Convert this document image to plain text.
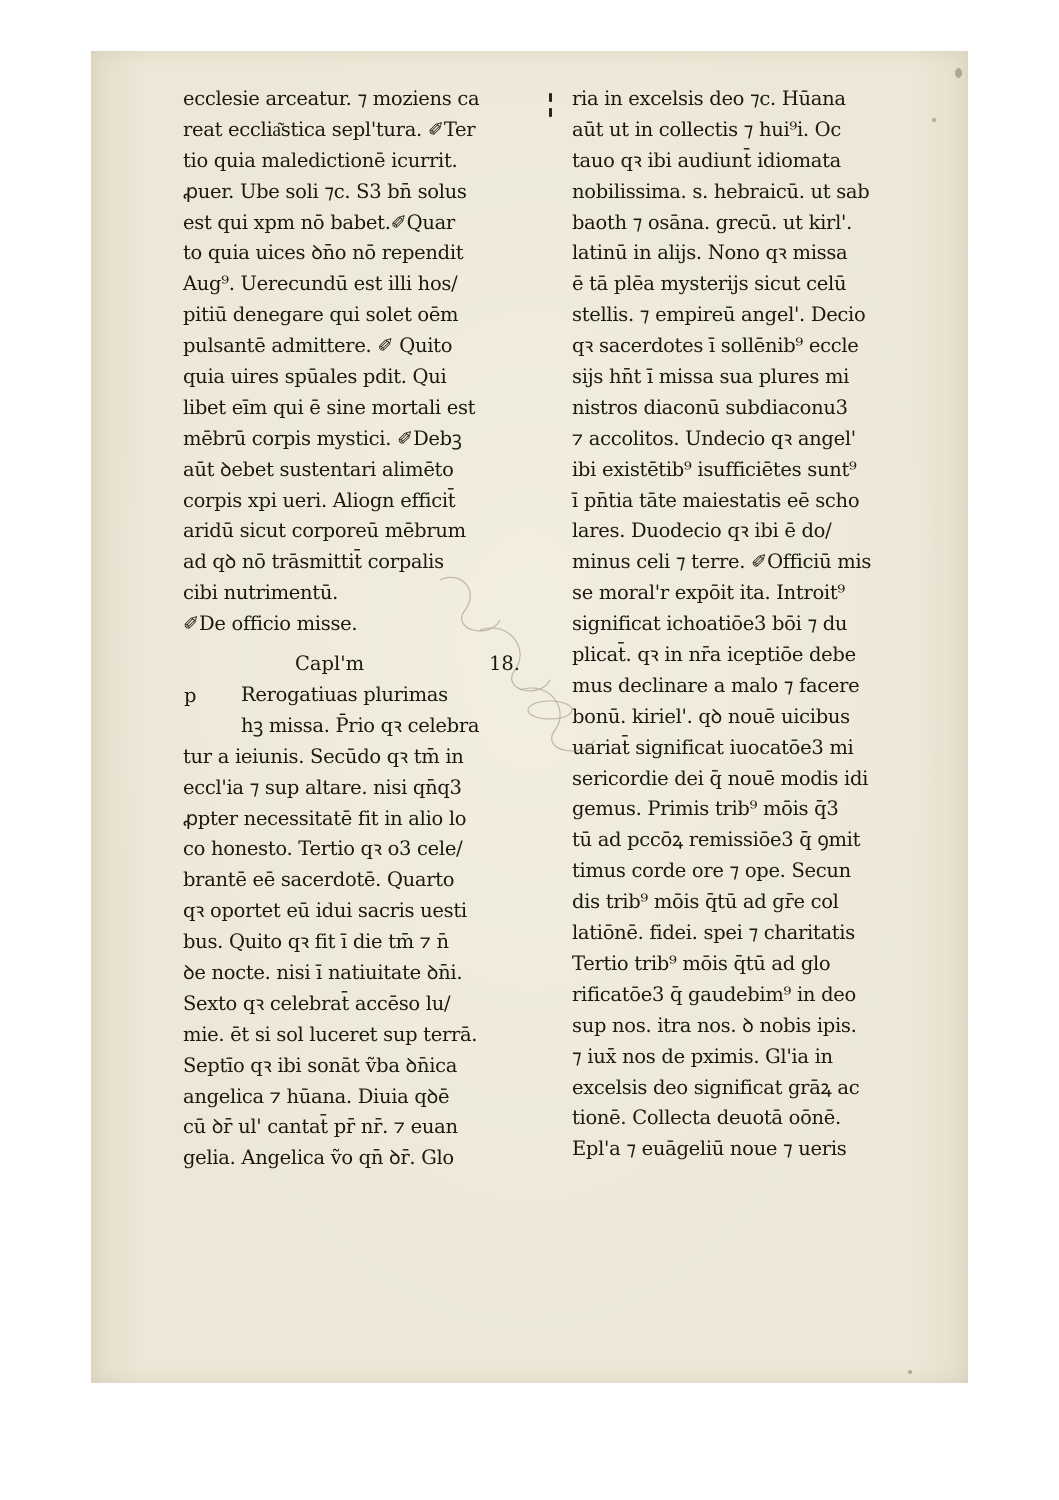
ecclesie arceatur. ⁊ moziens ca
reat ecclia͂stica sepl'tura. ✐Ter
tio quia maledictionē icurrit.
ꝓuer. Ube soli ⁊c. S3 bn̄ solus
est qui xpm nō babet.✐Quar
to quia uices ꝺn̄o nō rependit
Aug⁹. Uerecundū est illi hos/
pitiū denegare qui solet oēm
pulsantē admittere. ✐ Quito
quia uires spūales pdit. Qui
libet eīm qui ē sine mortali est
mēbrū corpis mystici. ✐Debꝫ
aūt ꝺebet sustentari alimēto
corpis xpi ueri. Aliogn efficit̄
aridū sicut corporeū mēbrum
ad qꝺ nō trāsmittit̄ corpalis
cibi nutrimentū.
✐De officio misse.
Capl'm	18.
p	Rerogatiuas plurimas
hꝫ missa. P̄rio qꝛ celebra
tur a ieiunis. Secūdo qꝛ tm̄ in
eccl'ia ⁊ sup altare. nisi qn̄q3
ꝓpter necessitatē fit in alio lo
co honesto. Tertio qꝛ o3 cele/
brantē eē sacerdotē. Quarto
qꝛ oportet eū idui sacris uesti
bus. Quito qꝛ fit ī die tm̄ ⁊ n̄
ꝺe nocte. nisi ī natiuitate ꝺn̄i.
Sexto qꝛ celebrat̄ accēso lu/
mie. ēt si sol luceret sup terrā.
Septīo qꝛ ibi sonāt ṽba ꝺn̄ica
angelica ⁊ hūana. Diuia qꝺē
cū ꝺr̄ ul' cantat̄ pr̄ nr̄. ⁊ euan
gelia. Angelica ṽo qn̄ ꝺr̄. Glo
ria in excelsis deo ⁊c. Hūana
aūt ut in collectis ⁊ hui⁹i. Oc
tauo qꝛ ibi audiunt̄ idiomata
nobilissima. s. hebraicū. ut sab
baoth ⁊ osāna. grecū. ut kirl'.
latinū in alijs. Nono qꝛ missa
ē tā plēa mysterijs sicut celū
stellis. ⁊ empireū angel'. Decio
qꝛ sacerdotes ī sollēnib⁹ eccle
sijs hn̄t ī missa sua plures mi
nistros diaconū subdiaconu3
⁊ accolitos. Undecio qꝛ angel'
ibi existētib⁹ isufficiētes sunt⁹
ī pn̄tia tāte maiestatis eē scho
lares. Duodecio qꝛ ibi ē do/
minus celi ⁊ terre. ✐Officiū mis
se moral'r expōit ita. Introit⁹
significat ichoatiōe3 bōi ⁊ du
plicat̄. qꝛ in nr̄a iceptiōe debe
mus declinare a malo ⁊ facere
bonū. kiriel'. qꝺ nouē uicibus
uariat̄ significat iuocatōe3 mi
sericordie dei q̄ nouē modis idi
gemus. Primis trib⁹ mōis q̄3
tū ad pccōꝝ remissiōe3 q̄ ꝯmit
timus corde ore ⁊ ope. Secun
dis trib⁹ mōis q̄tū ad gr̄e col
latiōnē. fidei. spei ⁊ charitatis
Tertio trib⁹ mōis q̄tū ad glo
rificatōe3 q̄ gaudebim⁹ in deo
sup nos. itra nos. ꝺ nobis ipis.
⁊ iux̄ nos de pximis. Gl'ia in
excelsis deo significat grāꝝ ac
tionē. Collecta deuotā oōnē.
Epl'a ⁊ euāgeliū noue ⁊ ueris
